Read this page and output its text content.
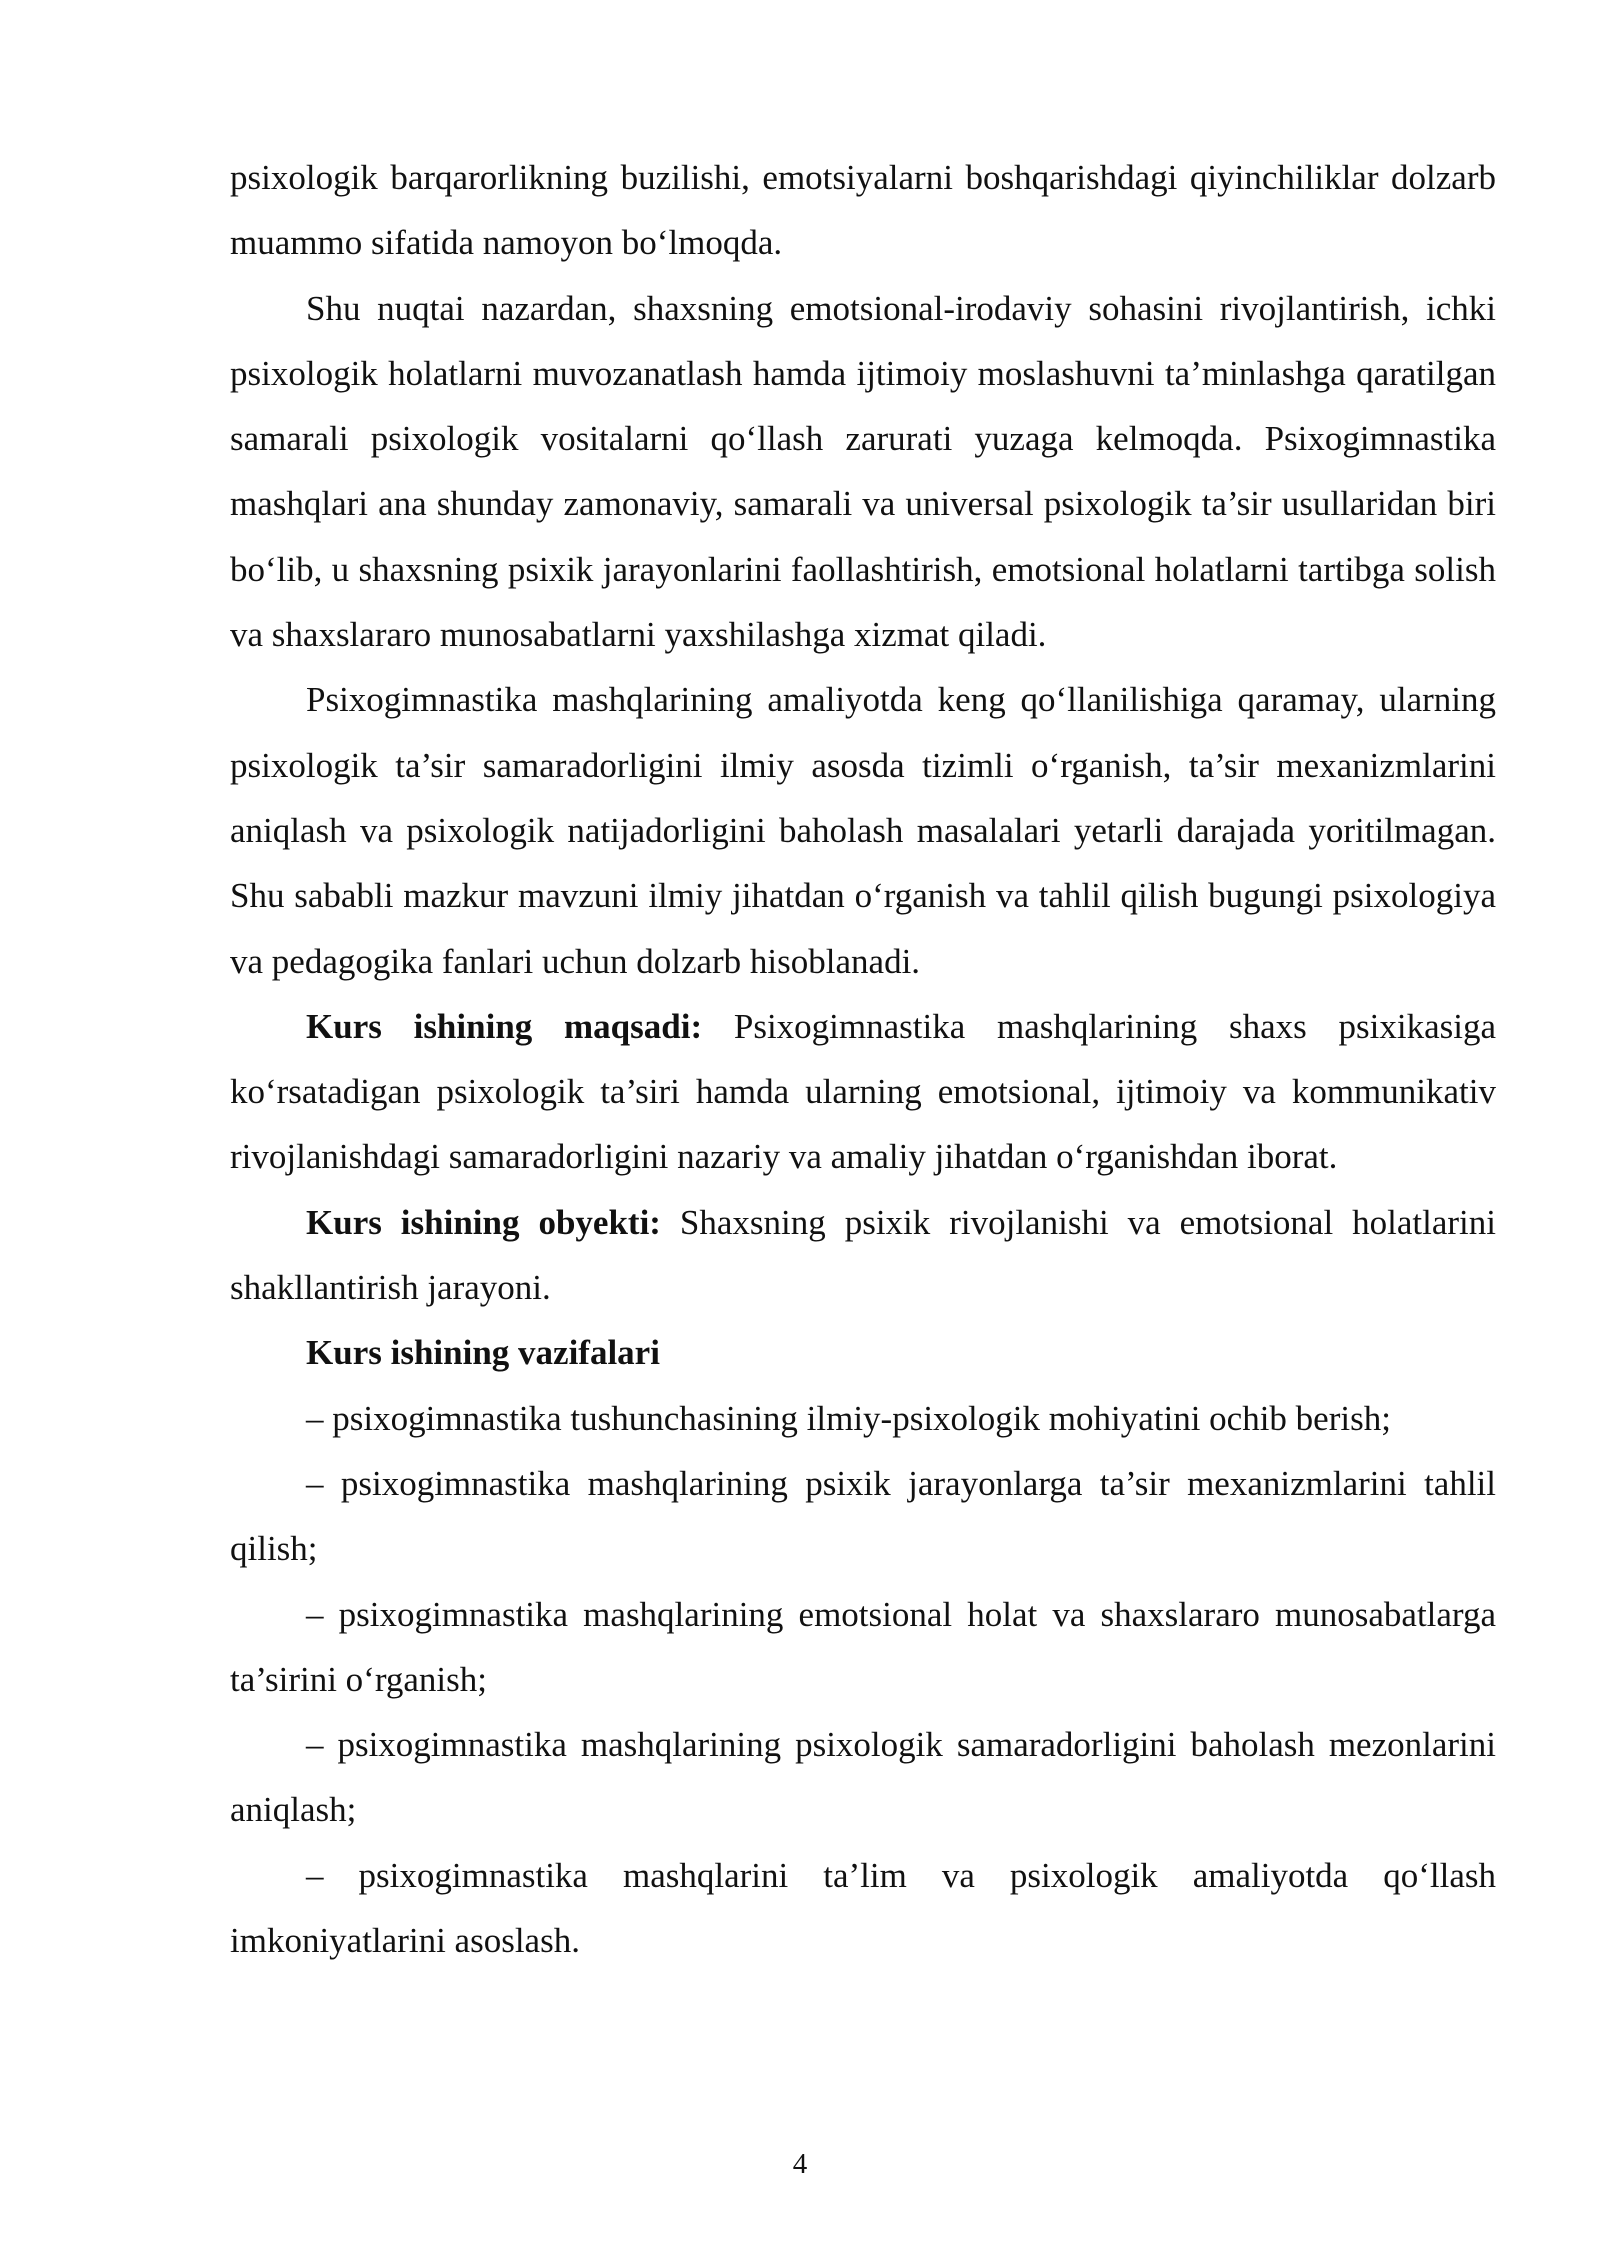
psixologik barqarorlikning buzilishi, emotsiyalarni boshqarishdagi qiyinchiliklar dolzarb muammo sifatida namoyon bo‘lmoqda.

Shu nuqtai nazardan, shaxsning emotsional-irodaviy sohasini rivojlantirish, ichki psixologik holatlarni muvozanatlash hamda ijtimoiy moslashuvni ta’minlashga qaratilgan samarali psixologik vositalarni qo‘llash zarurati yuzaga kelmoqda. Psixogimnastika mashqlari ana shunday zamonaviy, samarali va universal psixologik ta’sir usullaridan biri bo‘lib, u shaxsning psixik jarayonlarini faollashtirish, emotsional holatlarni tartibga solish va shaxslararo munosabatlarni yaxshilashga xizmat qiladi.

Psixogimnastika mashqlarining amaliyotda keng qo‘llanilishiga qaramay, ularning psixologik ta’sir samaradorligini ilmiy asosda tizimli o‘rganish, ta’sir mexanizmlarini aniqlash va psixologik natijadorligini baholash masalalari yetarli darajada yoritilmagan. Shu sababli mazkur mavzuni ilmiy jihatdan o‘rganish va tahlil qilish bugungi psixologiya va pedagogika fanlari uchun dolzarb hisoblanadi.

Kurs ishining maqsadi: Psixogimnastika mashqlarining shaxs psixikasiga ko‘rsatadigan psixologik ta’siri hamda ularning emotsional, ijtimoiy va kommunikativ rivojlanishdagi samaradorligini nazariy va amaliy jihatdan o‘rganishdan iborat.

Kurs ishining obyekti: Shaxsning psixik rivojlanishi va emotsional holatlarini shakllantirish jarayoni.

Kurs ishining vazifalari

– psixogimnastika tushunchasining ilmiy-psixologik mohiyatini ochib berish;

– psixogimnastika mashqlarining psixik jarayonlarga ta’sir mexanizmlarini tahlil qilish;

– psixogimnastika mashqlarining emotsional holat va shaxslararo munosabatlarga ta’sirini o‘rganish;

– psixogimnastika mashqlarining psixologik samaradorligini baholash mezonlarini aniqlash;

– psixogimnastika mashqlarini ta’lim va psixologik amaliyotda qo‘llash imkoniyatlarini asoslash.

4
